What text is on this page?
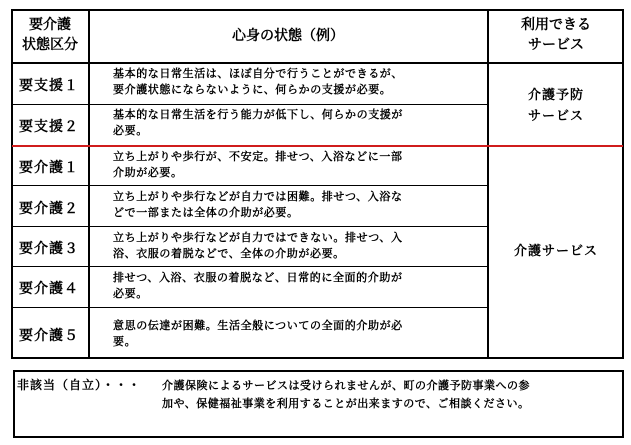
要介護
状態区分
心身の状態（例）
利用できる
サービス
要支援１
基本的な日常生活は、ほぼ自分で行うことができるが、
要介護状態にならないように、何らかの支援が必要。
要支援２
基本的な日常生活を行う能力が低下し、何らかの支援が
必要。
要介護１
立ち上がりや歩行が、不安定。排せつ、入浴などに一部
介助が必要。
要介護２
立ち上がりや歩行などが自力では困難。排せつ、入浴な
どで一部または全体の介助が必要。
要介護３
立ち上がりや歩行などが自力ではできない。排せつ、入
浴、衣服の着脱などで、全体の介助が必要。
要介護４
排せつ、入浴、衣服の着脱など、日常的に全面的介助が
必要。
要介護５
意思の伝達が困難。生活全般についての全面的介助が必
要。
介護予防
サービス
介護サービス
非該当（自立）・・・ 介護保険によるサービスは受けられませんが、町の介護予防事業への参
加や、保健福祉事業を利用することが出来ますので、ご相談ください。
